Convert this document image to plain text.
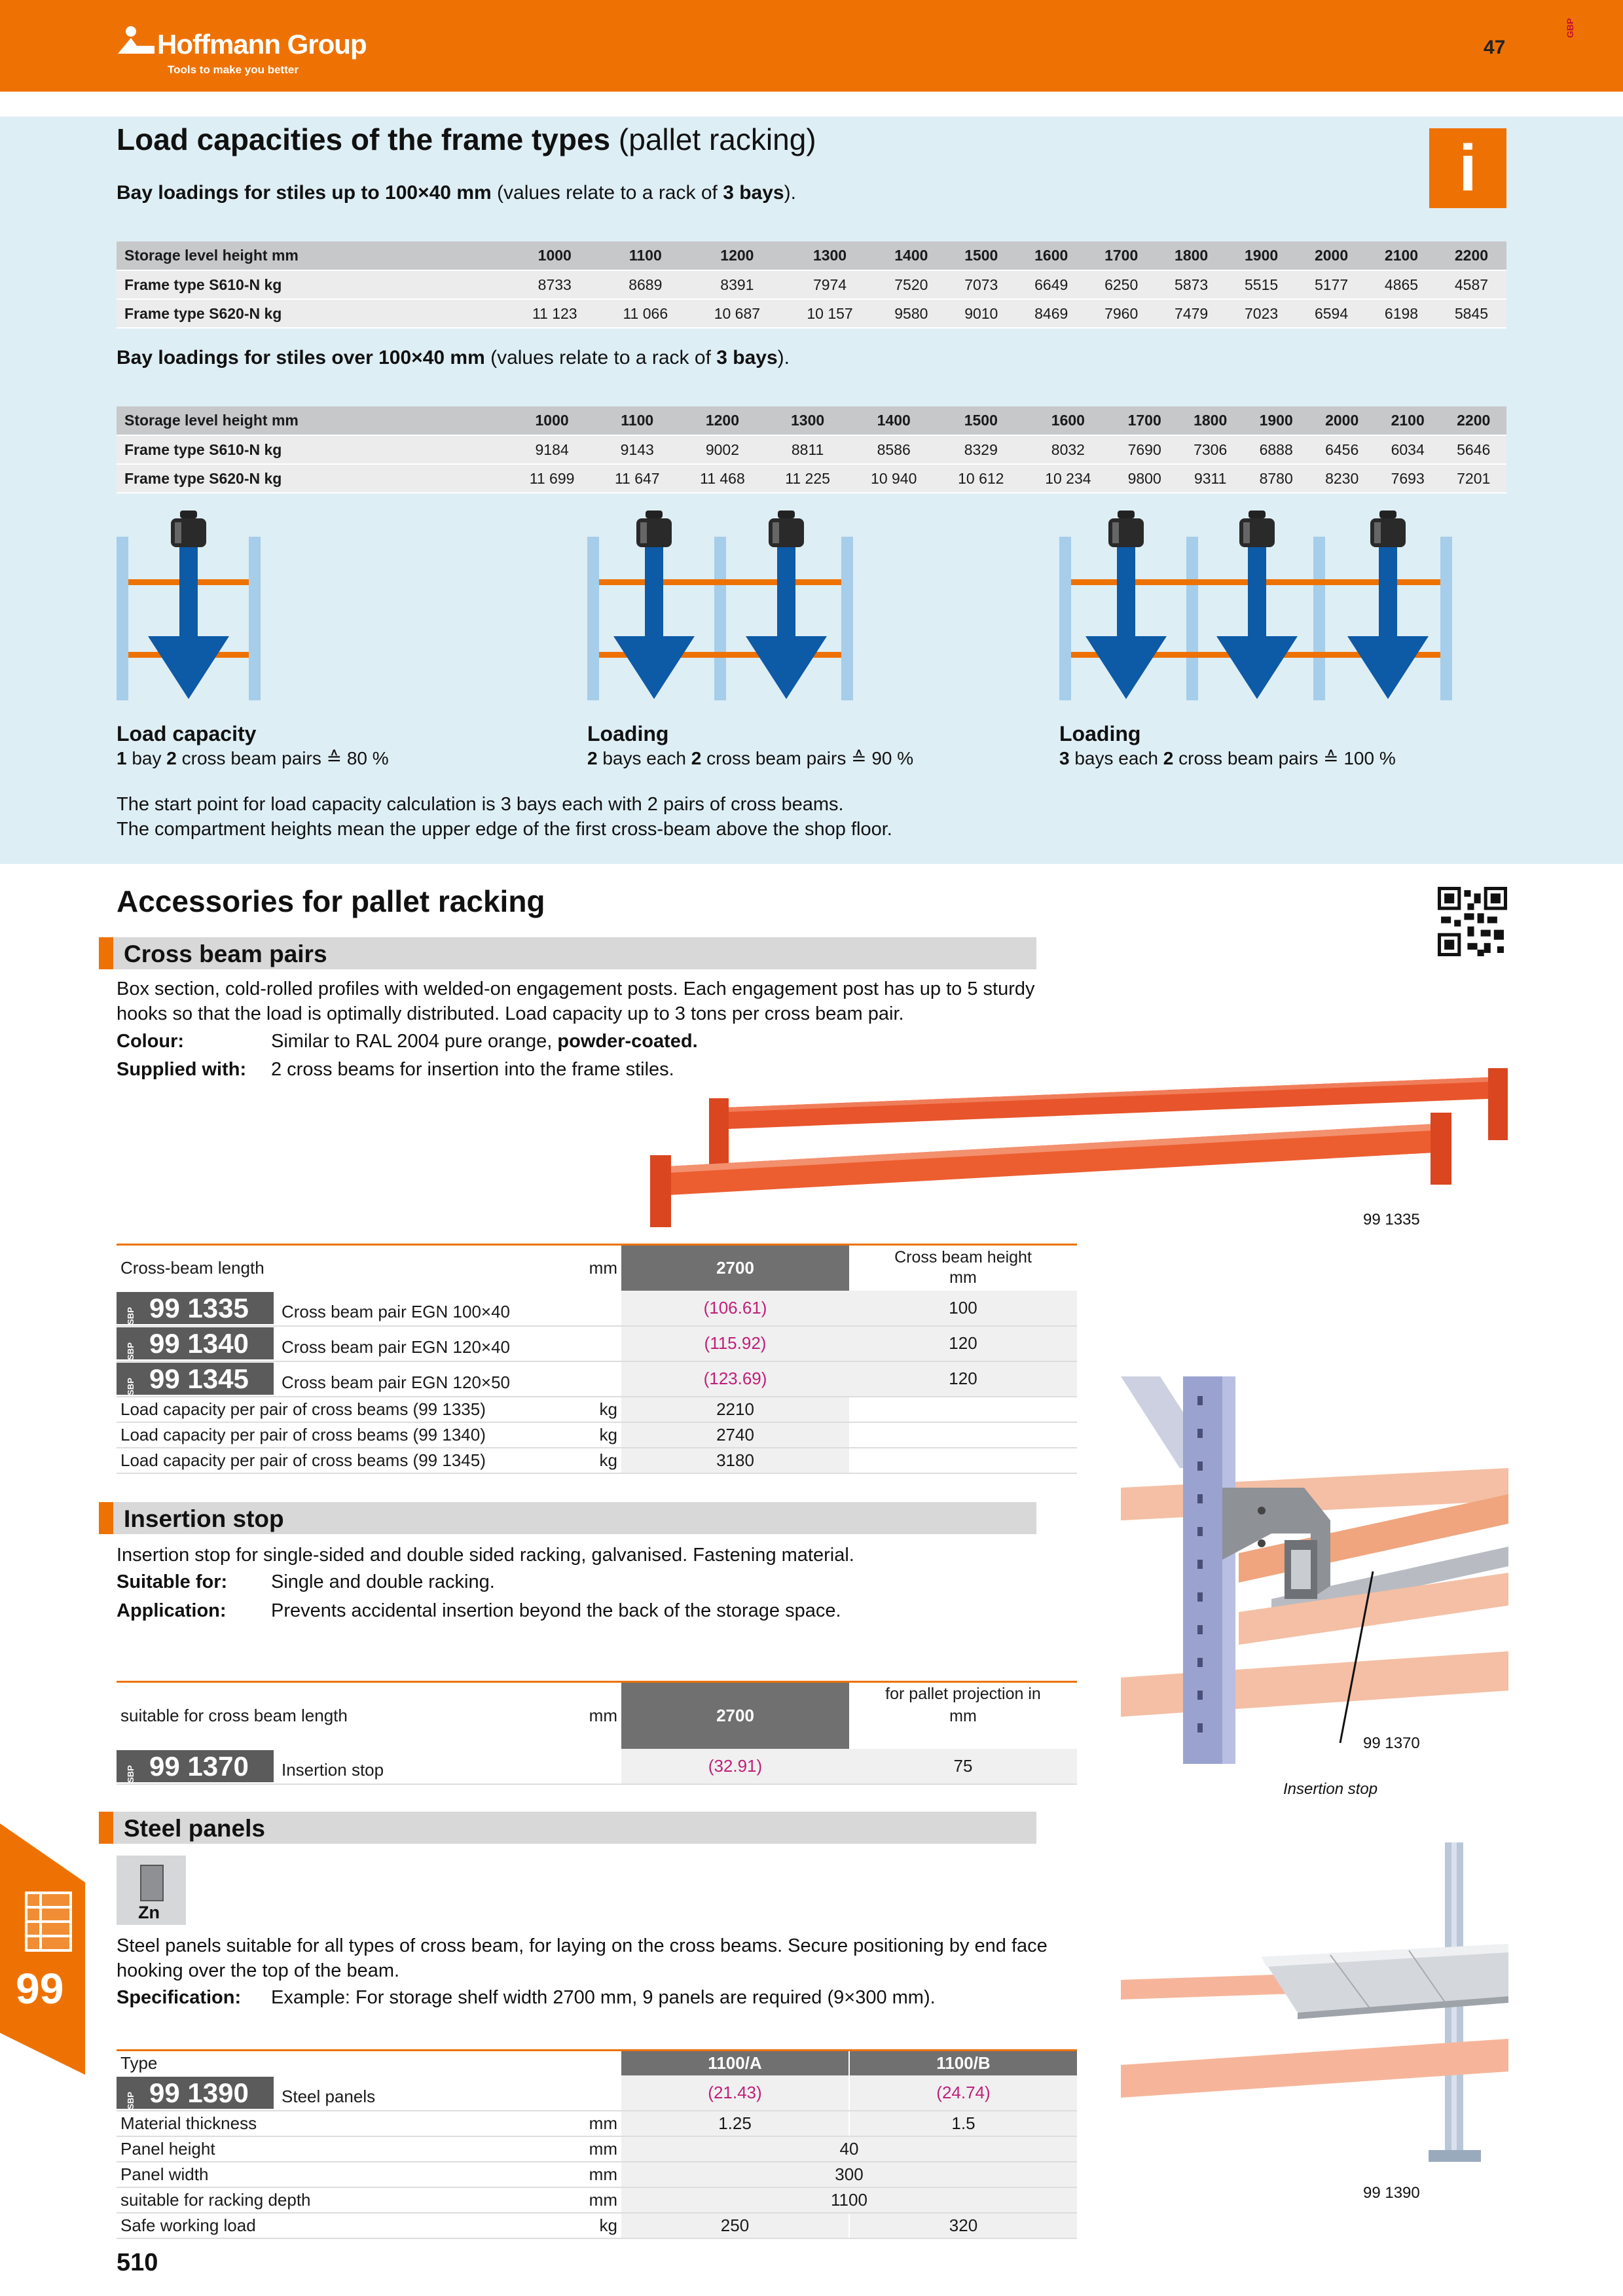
Hoffmann Group
Tools to make you better
47
GBP
i
Load capacities of the frame types (pallet racking)
Bay loadings for stiles up to 100×40 mm (values relate to a rack of 3 bays).
Storage level height mm	1000	1100	1200	1300	1400	1500	1600	1700	1800	1900	2000	2100	2200
Frame type S610-N kg	8733	8689	8391	7974	7520	7073	6649	6250	5873	5515	5177	4865	4587
Frame type S620-N kg	11 123	11 066	10 687	10 157	9580	9010	8469	7960	7479	7023	6594	6198	5845
Bay loadings for stiles over 100×40 mm (values relate to a rack of 3 bays).
Storage level height mm	1000	1100	1200	1300	1400	1500	1600	1700	1800	1900	2000	2100	2200
Frame type S610-N kg	9184	9143	9002	8811	8586	8329	8032	7690	7306	6888	6456	6034	5646
Frame type S620-N kg	11 699	11 647	11 468	11 225	10 940	10 612	10 234	9800	9311	8780	8230	7693	7201
Load capacity
1 bay 2 cross beam pairs ≙ 80 %
Loading
2 bays each 2 cross beam pairs ≙ 90 %
Loading
3 bays each 2 cross beam pairs ≙ 100 %
The start point for load capacity calculation is 3 bays each with 2 pairs of cross beams.
The compartment heights mean the upper edge of the first cross-beam above the shop floor.
Accessories for pallet racking
Cross beam pairs
Box section, cold-rolled profiles with welded-on engagement posts. Each engagement post has up to 5 sturdy
hooks so that the load is optimally distributed. Load capacity up to 3 tons per cross beam pair.
Colour:	Similar to RAL 2004 pure orange, powder-coated.
Supplied with: 2 cross beams for insertion into the frame stiles.
99 1335
Cross-beam length	mm	2700	Cross beam height
mm

SBP 99 1335 Cross beam pair EGN 100×40		(106.61)	100

SBP 99 1340 Cross beam pair EGN 120×40		(115.92)	120

SBP 99 1345 Cross beam pair EGN 120×50		(123.69)	120
Load capacity per pair of cross beams (99 1335)	kg	2210	
Load capacity per pair of cross beams (99 1340)	kg	2740	
Load capacity per pair of cross beams (99 1345)	kg	3180	
99 1370
Insertion stop
Insertion stop
Insertion stop for single-sided and double sided racking, galvanised. Fastening material.
Suitable for: Single and double racking.
Application: Prevents accidental insertion beyond the back of the storage space.
suitable for cross beam length	mm	2700	for pallet projection in
mm

SBP 99 1370 Insertion stop		(32.91)	75
Steel panels
Zn
Steel panels suitable for all types of cross beam, for laying on the cross beams. Secure positioning by end face
hooking over the top of the beam.
Specification: Example: For storage shelf width 2700 mm, 9 panels are required (9×300 mm).
99 1390
Type		1100/A	1100/B

SBP 99 1390 Steel panels		(21.43)	(24.74)
Material thickness	mm	1.25	1.5
Panel height	mm	40	
Panel width	mm	300	
suitable for racking depth	mm	1100	
Safe working load	kg	250	320
99
510
